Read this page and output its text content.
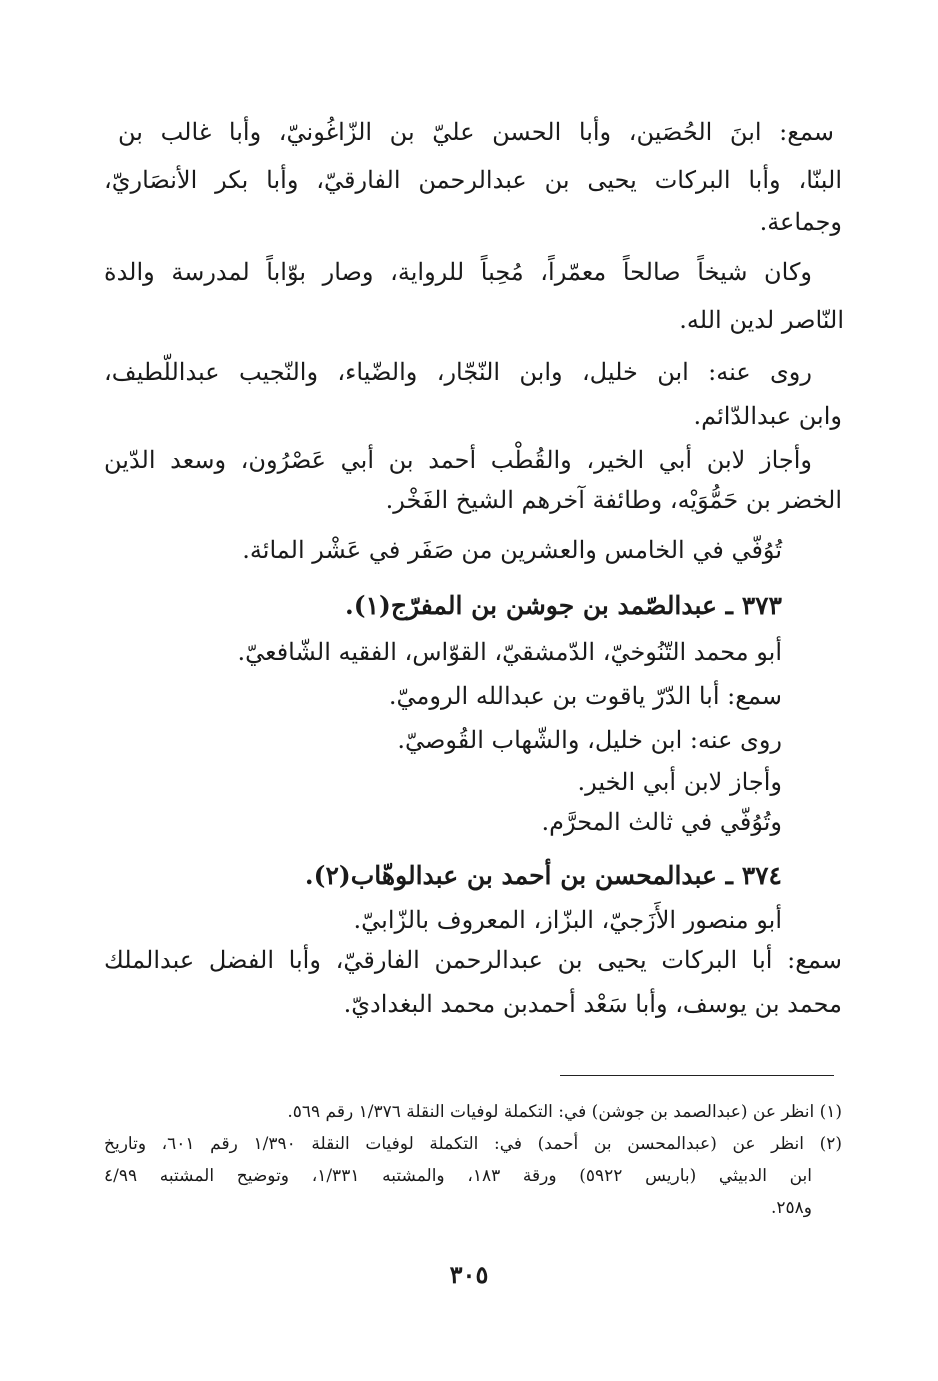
سمع: ابنَ الحُصَين، وأبا الحسن عليّ بن الزّاغُونيّ، وأبا غالب بن
البنّا، وأبا البركات يحيى بن عبدالرحمن الفارقيّ، وأبا بكر الأنصَاريّ،
وجماعة.
وكان شيخاً صالحاً معمّراً، مُحِباً للرواية، وصار بوّاباً لمدرسة والدة
النّاصر لدين الله.
روى عنه: ابن خليل، وابن النّجّار، والضّياء، والنّجيب عبداللّطيف،
وابن عبدالدّائم.
وأجاز لابن أبي الخير، والقُطْب أحمد بن أبي عَصْرُون، وسعد الدّين
الخضر بن حَمُّوَيْه، وطائفة آخرهم الشيخ الفَخْر.
تُوُفّي في الخامس والعشرين من صَفَر في عَشْر المائة.
٣٧٣ ـ عبدالصّمد بن جوشن بن المفرّج(١).
أبو محمد التّنُوخيّ، الدّمشقيّ، القوّاس، الفقيه الشّافعيّ.
سمع: أبا الدّرّ ياقوت بن عبدالله الروميّ.
روى عنه: ابن خليل، والشّهاب القُوصيّ.
وأجاز لابن أبي الخير.
وتُوُفّي في ثالث المحرَّم.
٣٧٤ ـ عبدالمحسن بن أحمد بن عبدالوهّاب(٢).
أبو منصور الأَزَجيّ، البزّاز، المعروف بالزّابيّ.
سمع: أبا البركات يحيى بن عبدالرحمن الفارقيّ، وأبا الفضل عبدالملك
محمد بن يوسف، وأبا سَعْد أحمدبن محمد البغداديّ.
(١) انظر عن (عبدالصمد بن جوشن) في: التكملة لوفيات النقلة ١/٣٧٦ رقم ٥٦٩.
(٢) انظر عن (عبدالمحسن بن أحمد) في: التكملة لوفيات النقلة ١/٣٩٠ رقم ٦٠١، وتاريخ
ابن الدبيثي (باريس ٥٩٢٢) ورقة ١٨٣، والمشتبه ١/٣٣١، وتوضيح المشتبه ٤/٩٩
و٢٥٨.
٣٠٥
